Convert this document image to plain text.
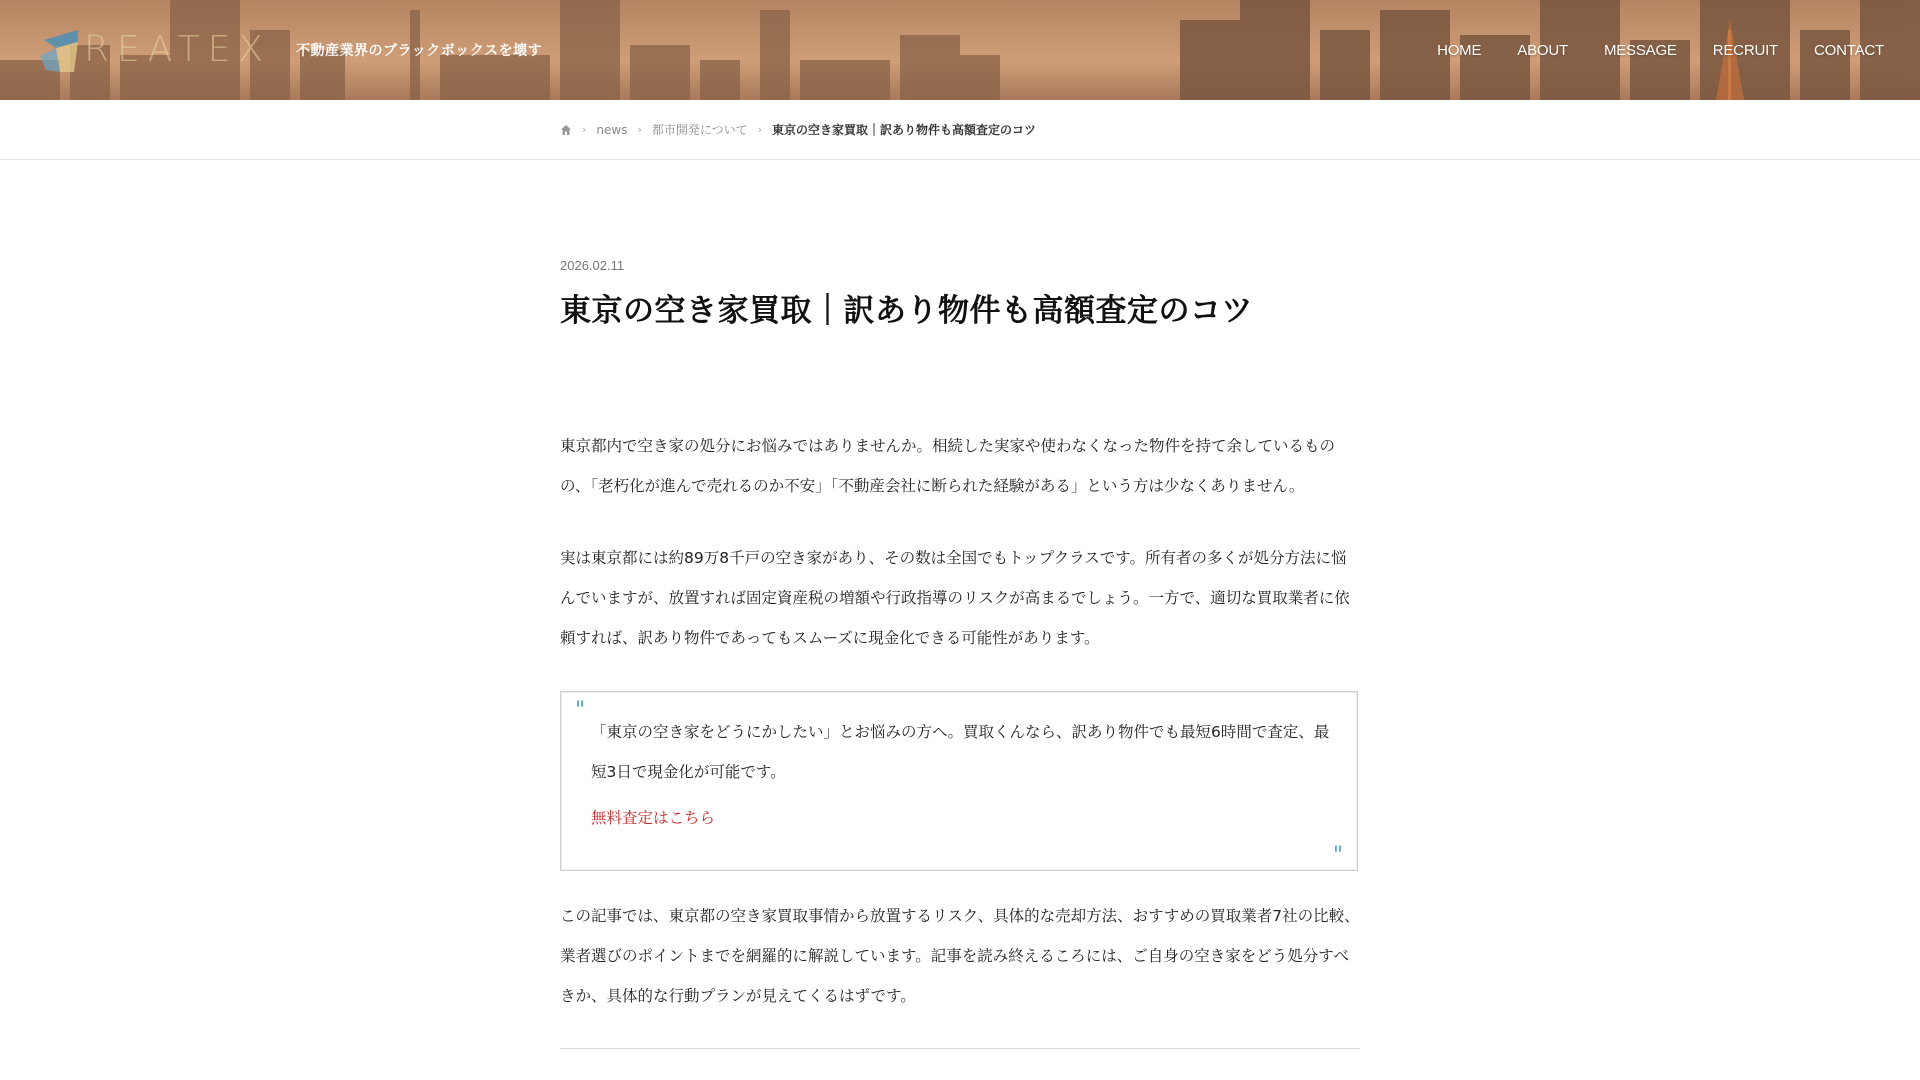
REATEX 不動産業界のブラックボックスを壊す	HOME ABOUT MESSAGE RECRUIT CONTACT
› news › 都市開発について › 東京の空き家買取｜訳あり物件も高額査定のコツ
2026.02.11
東京の空き家買取｜訳あり物件も高額査定のコツ

東京都内で空き家の処分にお悩みではありませんか。相続した実家や使わなくなった物件を持て余しているものの、「老朽化が進んで売れるのか不安」「不動産会社に断られた経験がある」という方は少なくありません。

実は東京都には約89万8千戸の空き家があり、その数は全国でもトップクラスです。所有者の多くが処分方法に悩んでいますが、放置すれば固定資産税の増額や行政指導のリスクが高まるでしょう。一方で、適切な買取業者に依頼すれば、訳あり物件であってもスムーズに現金化できる可能性があります。

"
「東京の空き家をどうにかしたい」とお悩みの方へ。買取くんなら、訳あり物件でも最短6時間で査定、最短3日で現金化が可能です。
無料査定はこちら
"

この記事では、東京都の空き家買取事情から放置するリスク、具体的な売却方法、おすすめの買取業者7社の比較、業者選びのポイントまでを網羅的に解説しています。記事を読み終えるころには、ご自身の空き家をどう処分すべきか、具体的な行動プランが見えてくるはずです。
